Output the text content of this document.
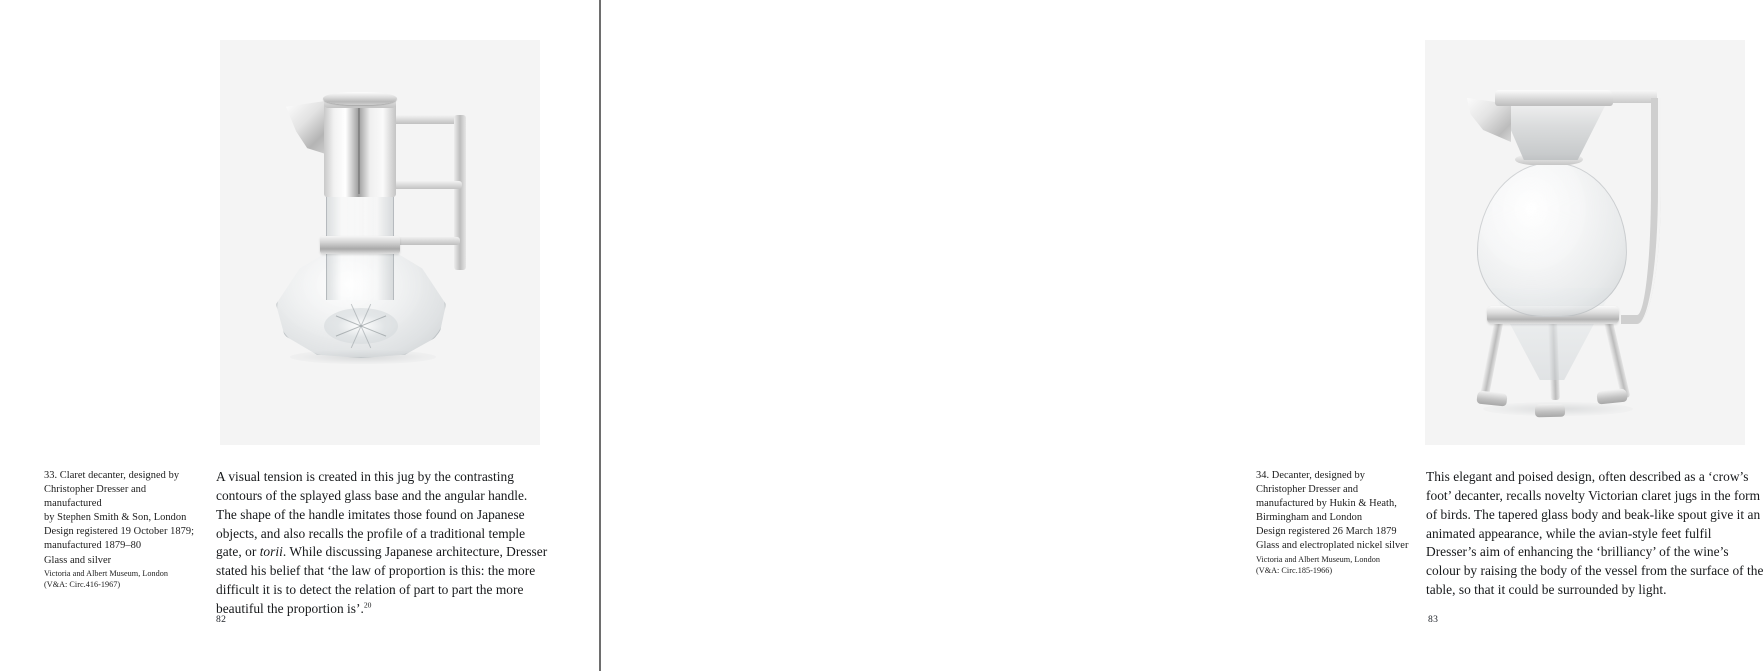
33. Claret decanter, designed by
Christopher Dresser and manufactured
by Stephen Smith & Son, London
Design registered 19 October 1879;
manufactured 1879–80
Glass and silver
Victoria and Albert Museum, London
(V&A: Circ.416-1967)
A visual tension is created in this jug by the contrasting contours of the splayed glass base and the angular handle. The shape of the handle imitates those found on Japanese objects, and also recalls the profile of a traditional temple gate, or torii. While discussing Japanese architecture, Dresser stated his belief that ‘the law of proportion is this: the more difficult it is to detect the relation of part to part the more beautiful the proportion is’.$^{20}$
82
34. Decanter, designed by
Christopher Dresser and
manufactured by Hukin & Heath,
Birmingham and London
Design registered 26 March 1879
Glass and electroplated nickel silver
Victoria and Albert Museum, London
(V&A: Circ.185-1966)
This elegant and poised design, often described as a ‘crow’s foot’ decanter, recalls novelty Victorian claret jugs in the form of birds. The tapered glass body and beak-like spout give it an animated appearance, while the avian-style feet fulfil Dresser’s aim of enhancing the ‘brilliancy’ of the wine’s colour by raising the body of the vessel from the surface of the table, so that it could be surrounded by light.
83
